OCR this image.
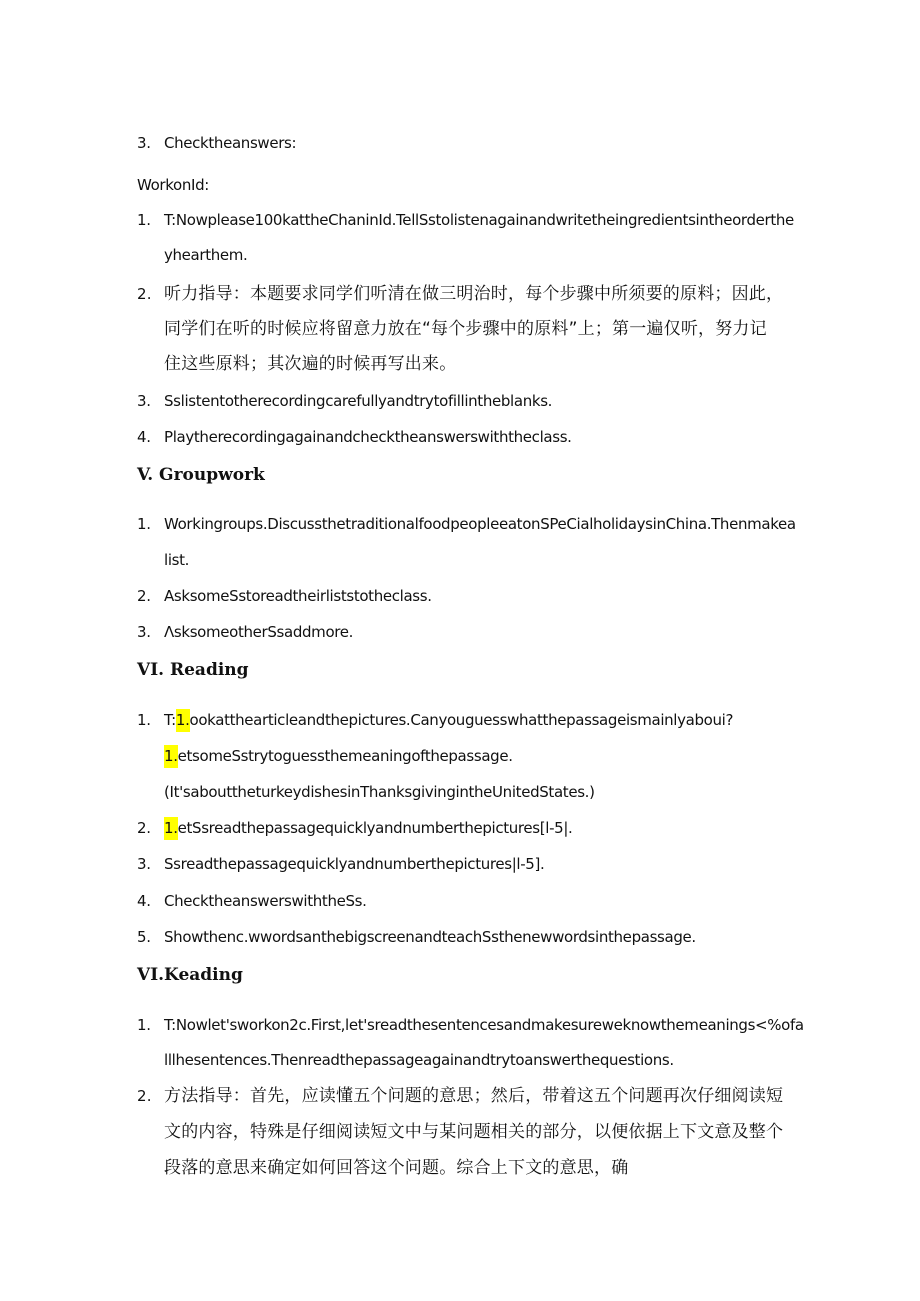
3. Checktheanswers:
WorkonId:
1. T:Nowplease100kattheChaninId.TellSstolistenagainandwritetheingredientsintheorderthe
yhearthem.
2. 听力指导：本题要求同学们听清在做三明治时，每个步骤中所须要的原料；因此，
同学们在听的时候应将留意力放在“每个步骤中的原料”上；第一遍仅听，努力记
住这些原料；其次遍的时候再写出来。
3. Sslistentotherecordingcarefullyandtrytofillintheblanks.
4. Playtherecordingagainandchecktheanswerswiththeclass.
V. Groupwork
1. Workingroups.DiscussthetraditionalfoodpeopleeatonSPeCialholidaysinChina.Thenmakea
list.
2. AsksomeSstoreadtheirliststotheclass.
3. ΛsksomeotherSsaddmore.
VI. Reading
1. T:1.ookatthearticleandthepictures.Canyouguesswhatthepassageismainlyaboui?
1.etsomeSstrytoguessthemeaningofthepassage.
(It'sabouttheturkeydishesinThanksgivingintheUnitedStates.)
2. 1.etSsreadthepassagequicklyandnumberthepictures[l-5|.
3. Ssreadthepassagequicklyandnumberthepictures|l-5].
4. ChecktheanswerswiththeSs.
5. Showthenc.wwordsanthebigscreenandteachSsthenewwordsinthepassage.
VI.Keading
1. T:Nowlet'sworkon2c.First,let'sreadthesentencesandmakesureweknowthemeanings<%ofa
lllhesentences.Thenreadthepassageagainandtrytoanswerthequestions.
2. 方法指导：首先，应读懂五个问题的意思；然后，带着这五个问题再次仔细阅读短
文的内容，特殊是仔细阅读短文中与某问题相关的部分，以便依据上下文意及整个
段落的意思来确定如何回答这个问题。综合上下文的意思，确
